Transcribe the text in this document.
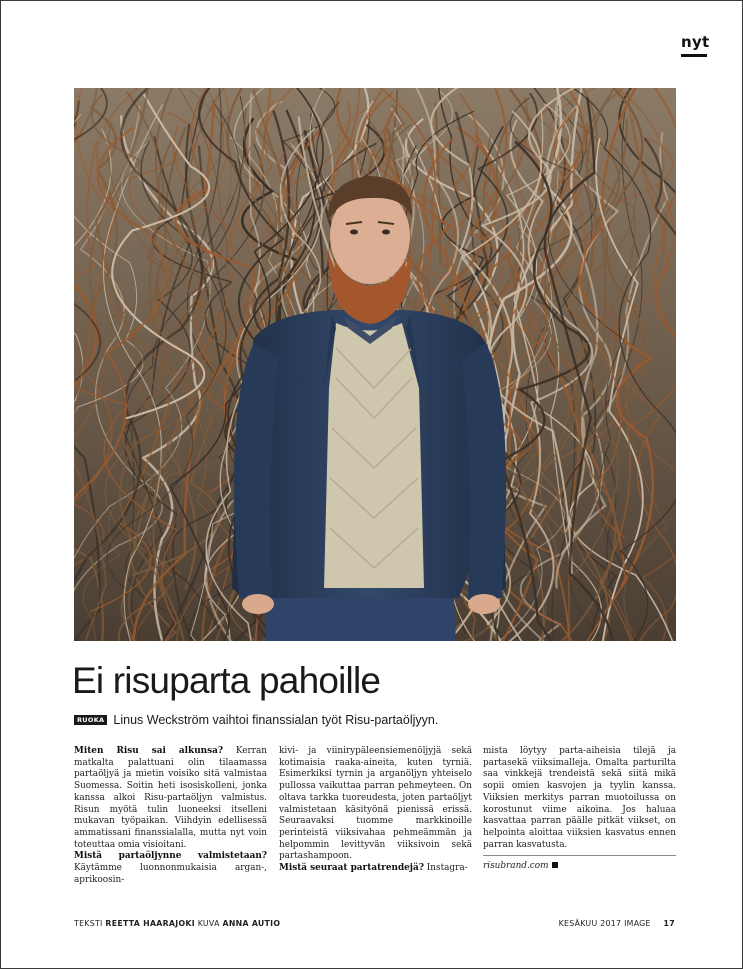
nyt
Ei risuparta pahoille
RUOKA Linus Weckström vaihtoi finanssialan työt Risu-partaöljyyn.

Miten Risu sai alkunsa? Kerran matkalta palattuani olin tilaamassa partaöljyä ja mietin voisiko sitä valmistaa Suomessa. Soitin heti isosiskolleni, jonka kanssa alkoi Risu-partaöljyn valmistus. Risun myötä tulin luoneeksi itselleni mukavan työpaikan. Viihdyin edellisessä ammatissani finanssialalla, mutta nyt voin toteuttaa omia visioitani.

Mistä partaöljynne valmistetaan? Käytämme luonnonmukaisia argan-, aprikoosin-

kivi- ja viinirypäleensiemenöljyjä sekä kotimaisia raaka-aineita, kuten tyrniä. Esimerkiksi tyrnin ja arganöljyn yhteiselo pullossa vaikuttaa parran pehmeyteen. On oltava tarkka tuoreudesta, joten partaöljyt valmistetaan käsityönä pienissä erissä. Seuraavaksi tuomme markkinoille perinteistä viiksivahaa pehmeämmän ja helpommin levittyvän viiksivoin sekä partashampoon.

Mistä seuraat partatrendejä? Instagra-

mista löytyy parta-aiheisia tilejä ja partasekä viiksimalleja. Omalta parturilta saa vinkkejä trendeistä sekä siitä mikä sopii omien kasvojen ja tyylin kanssa. Viiksien merkitys parran muotoilussa on korostunut viime aikoina. Jos haluaa kasvattaa parran päälle pitkät viikset, on helpointa aloittaa viiksien kasvatus ennen parran kasvatusta.

risubrand.com

TEKSTI REETTA HAARAJOKI KUVA ANNA AUTIO	KESÄKUU 2017 IMAGE 17
